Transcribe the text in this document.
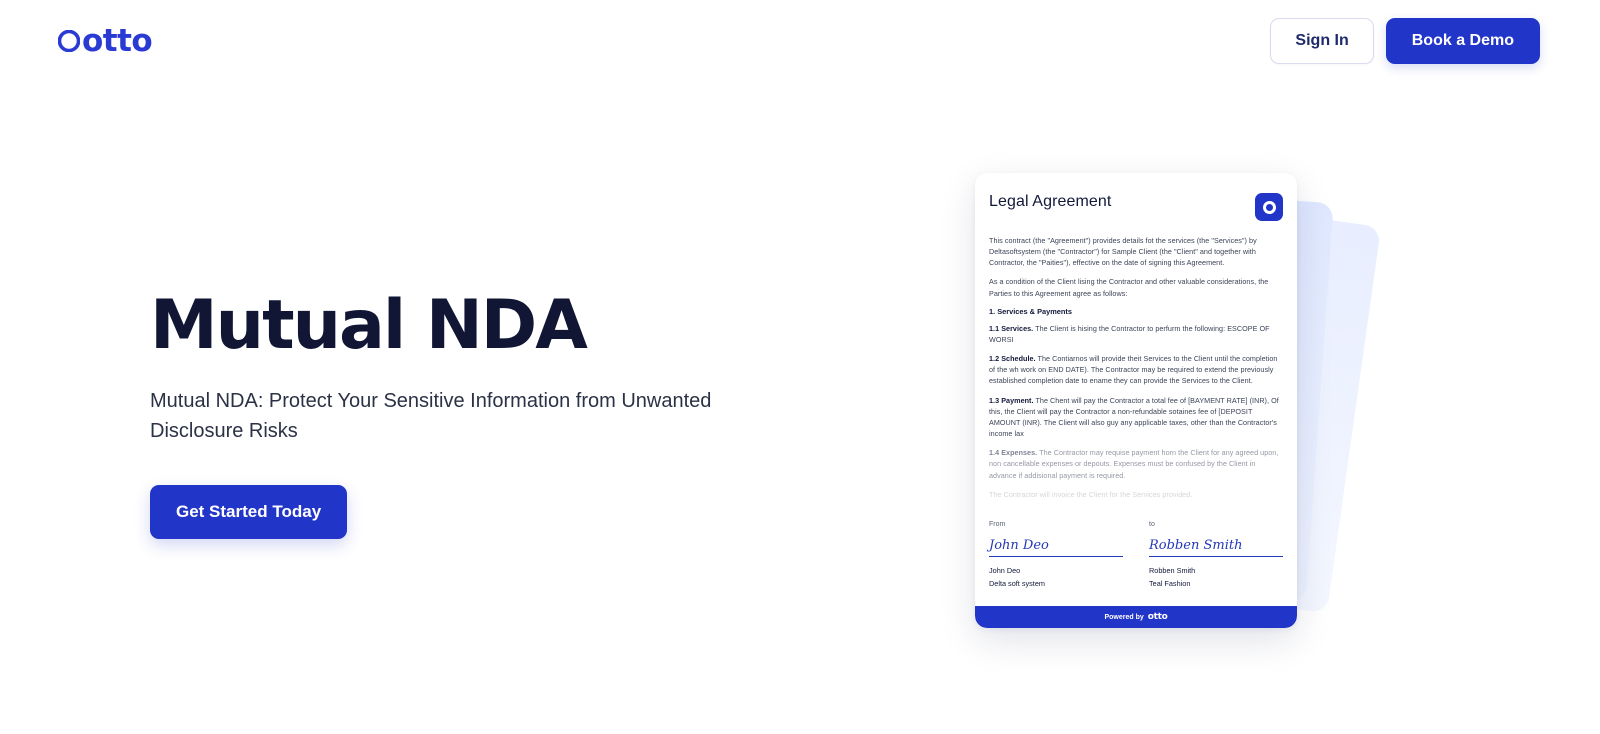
otto	Sign In	Book a Demo
Mutual NDA

Mutual NDA: Protect Your Sensitive Information from Unwanted Disclosure Risks

Get Started Today
Legal Agreement

This contract (the "Agreement") provides details fot the services (the "Services") by Deltasoftsystem (the "Contractor") for Sample Client (the "Client" and together with Contractor, the "Paities"), effective on the date of signing this Agreement.

As a condition of the Client lising the Contractor and other valuable considerations, the Parties to this Agreement agree as follows:

1. Services & Payments

1.1 Services. The Client is hising the Contractor to perfurm the following: ESCOPE OF WORSI

1.2 Schedule. The Contiarnos will provide theit Services to the Client until the completion of the wh work on END DATE). The Contractor may be required to extend the previously established completion date to ename they can provide the Services to the Client.

1.3 Payment. The Chent will pay the Contractor a total fee of [BAYMENT RATE] (INR), Of this, the Client will pay the Contractor a non-refundable sotaines fee of [DEPOSIT AMOUNT (INR). The Client will also guy any applicable taxes, other than the Contractor's income lax

1.4 Expenses. The Contractor may requise payment horn the Client for any agreed upon, non cancellable expenses or depouts. Expenses must be confused by the Client in advance if addisional payment is required.

The Contractor will invoice the Client for the Services provided.

From
John Deo
John Deo
Delta soft system
to
Robben Smith
Robben Smith
Teal Fashion
Powered by otto
